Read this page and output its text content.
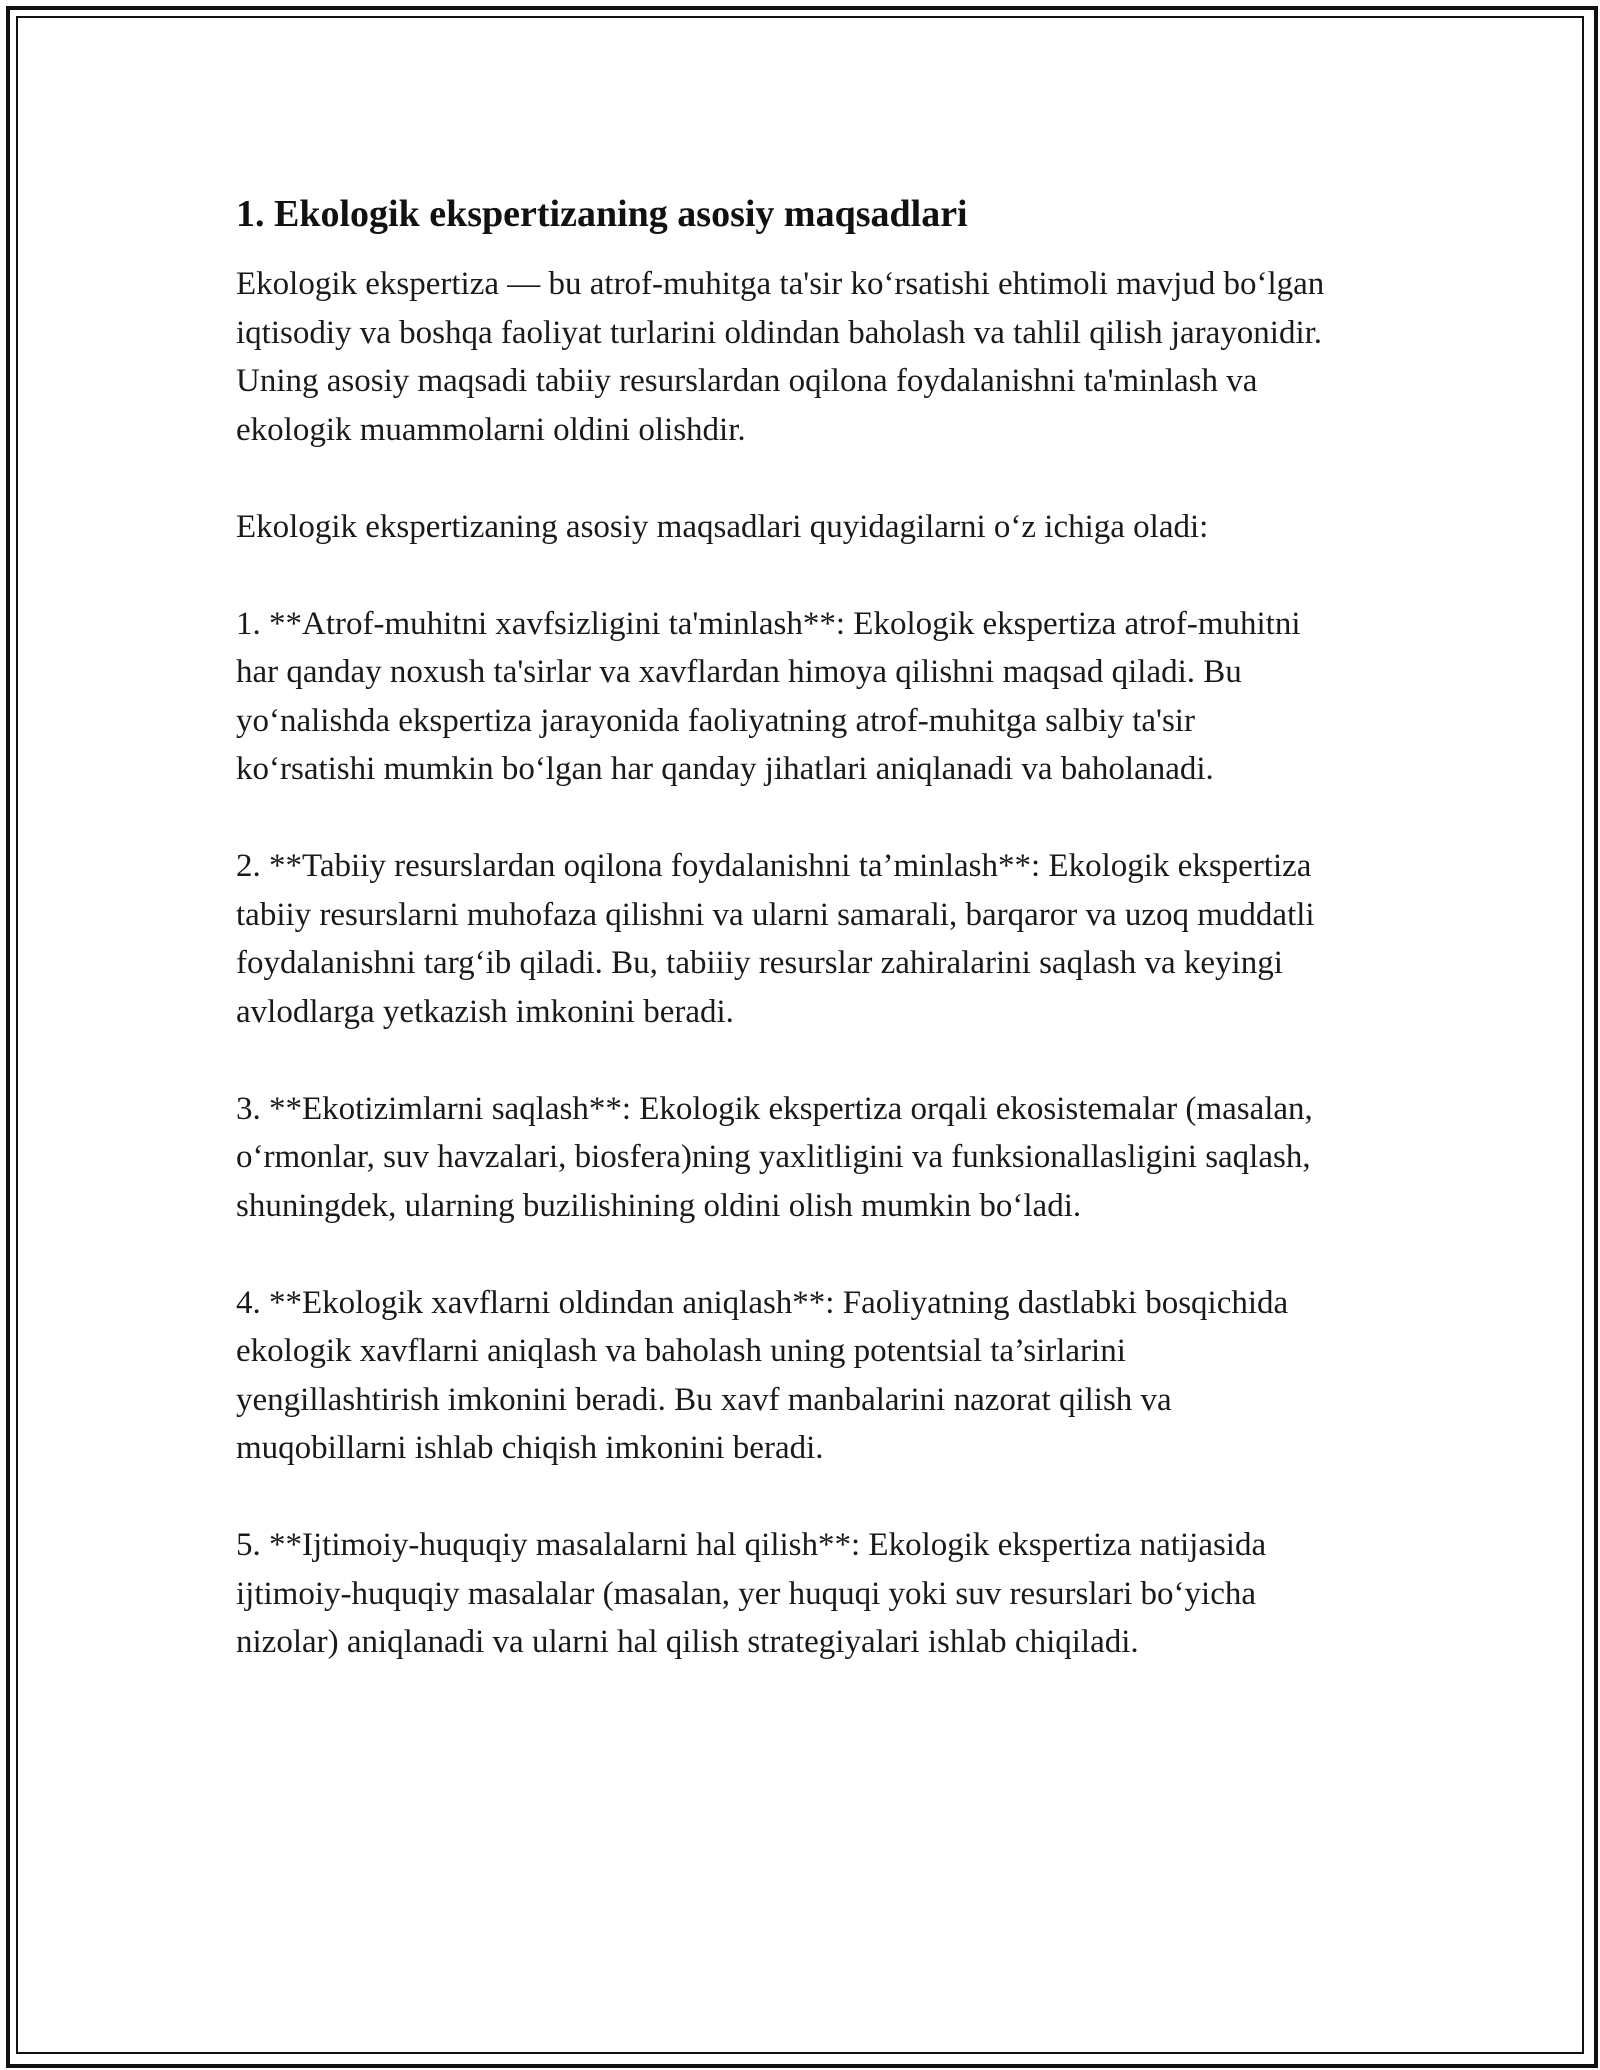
1. Ekologik ekspertizaning asosiy maqsadlari

Ekologik ekspertiza — bu atrof-muhitga ta'sir ko‘rsatishi ehtimoli mavjud bo‘lgan iqtisodiy va boshqa faoliyat turlarini oldindan baholash va tahlil qilish jarayonidir. Uning asosiy maqsadi tabiiy resurslardan oqilona foydalanishni ta'minlash va ekologik muammolarni oldini olishdir.

Ekologik ekspertizaning asosiy maqsadlari quyidagilarni o‘z ichiga oladi:

1. **Atrof-muhitni xavfsizligini ta'minlash**: Ekologik ekspertiza atrof-muhitni har qanday noxush ta'sirlar va xavflardan himoya qilishni maqsad qiladi. Bu yo‘nalishda ekspertiza jarayonida faoliyatning atrof-muhitga salbiy ta'sir ko‘rsatishi mumkin bo‘lgan har qanday jihatlari aniqlanadi va baholanadi.

2. **Tabiiy resurslardan oqilona foydalanishni ta’minlash**: Ekologik ekspertiza tabiiy resurslarni muhofaza qilishni va ularni samarali, barqaror va uzoq muddatli foydalanishni targ‘ib qiladi. Bu, tabiiiy resurslar zahiralarini saqlash va keyingi avlodlarga yetkazish imkonini beradi.

3. **Ekotizimlarni saqlash**: Ekologik ekspertiza orqali ekosistemalar (masalan, o‘rmonlar, suv havzalari, biosfera)ning yaxlitligini va funksionallasligini saqlash, shuningdek, ularning buzilishining oldini olish mumkin bo‘ladi.

4. **Ekologik xavflarni oldindan aniqlash**: Faoliyatning dastlabki bosqichida ekologik xavflarni aniqlash va baholash uning potentsial ta’sirlarini yengillashtirish imkonini beradi. Bu xavf manbalarini nazorat qilish va muqobillarni ishlab chiqish imkonini beradi.

5. **Ijtimoiy-huquqiy masalalarni hal qilish**: Ekologik ekspertiza natijasida ijtimoiy-huquqiy masalalar (masalan, yer huquqi yoki suv resurslari bo‘yicha nizolar) aniqlanadi va ularni hal qilish strategiyalari ishlab chiqiladi.
